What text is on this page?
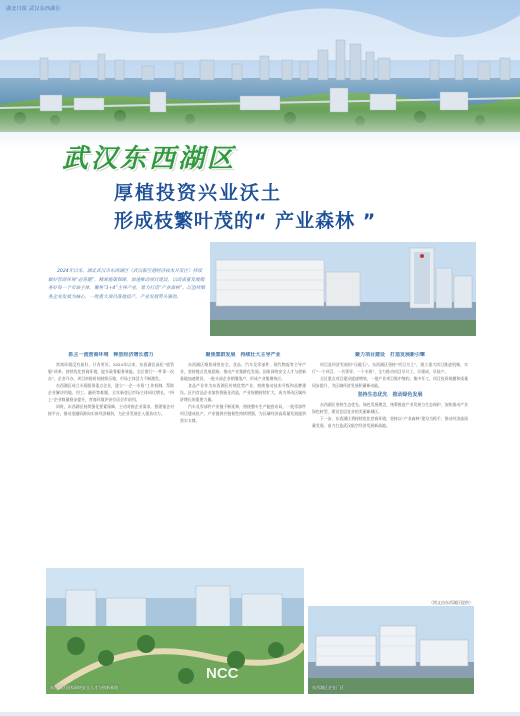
湖北日报 武汉东西湖区
武汉东西湖区
厚植投资兴业沃土
形成枝繁叶茂的“ 产业森林 ”

2024年以来，湖北武汉市东西湖区（武汉临空港经济技术开发区）持续做好营商环境“必答题”，精准施策保障，加速推动项目建设，以高质量发展服务好每一个市场主体，聚焦“3+4”主导产业，着力打造“产业森林”。以坚持服务企业发展为核心，一批重大项目落地投产，产业发展势头强劲。

抓主一流营商环境　释放经济增长潜力

营商环境没有最好，只有更好。2024年以来，东西湖区深化“放管服”改革，持续优化营商环境，提升政务服务效能。全区推行“一件事一次办”，企业开办、项目审批时间持续压缩，市场主体活力不断激发。

东西湖区成立专班服务重点企业，建立“一企一专班”工作机制，帮助企业解决用地、用工、融资等难题。全年新登记市场主体同比增长，“四上”企业数量稳步提升，营商环境评价位居全市前列。

同时，东西湖区持续强化要素保障，主动对接企业需求，搭建银企对接平台，推动金融资源向实体经济倾斜，为企业发展注入强劲动力。

聚焦集群发展　持续壮大主导产业

东西湖区聚焦网络安全、食品、汽车及零部件、现代物流等主导产业，坚持链式发展思路，推动产业集群化发展。国家网络安全人才与创新基地加速建设，一批头部企业相继落户，形成产业集聚效应。

食品产业作为东西湖区传统优势产业，持续推动技术升级和品牌建设。区内食品企业加快智能化改造，产业规模持续扩大，成为带动区域经济增长的重要力量。

汽车及零部件产业链不断延伸，围绕整车生产配套布局，一批零部件项目建成投产，产业链供应链韧性持续增强，为区域经济高质量发展提供坚实支撑。

聚力项目建设　打造发展新引擎

项目是经济发展的“压舱石”。东西湖区坚持“项目为王”，建立重大项目推进机制，实行“一个项目、一名领导、一个专班”，全力推动项目早开工、早建成、早投产。

全区重点项目建设提速增效，一批产业项目集中签约、集中开工，项目投资规模和质量同步提升，为区域经济发展积蓄新动能。

坚持生态优先　推动绿色发展

东西湖区坚持生态优先、绿色发展理念，统筹推进产业发展与生态保护，加快推动产业绿色转型，建设宜居宜业的美丽新城区。

下一步，东西湖区将持续优化营商环境，坚持以“产业森林”建设为抓手，推动经济高质量发展，奋力打造武汉临空经济发展新高地。

（图文由东西湖区提供）
NCC
东西湖区国家网络安全人才与创新基地	东西湖区企业厂区
